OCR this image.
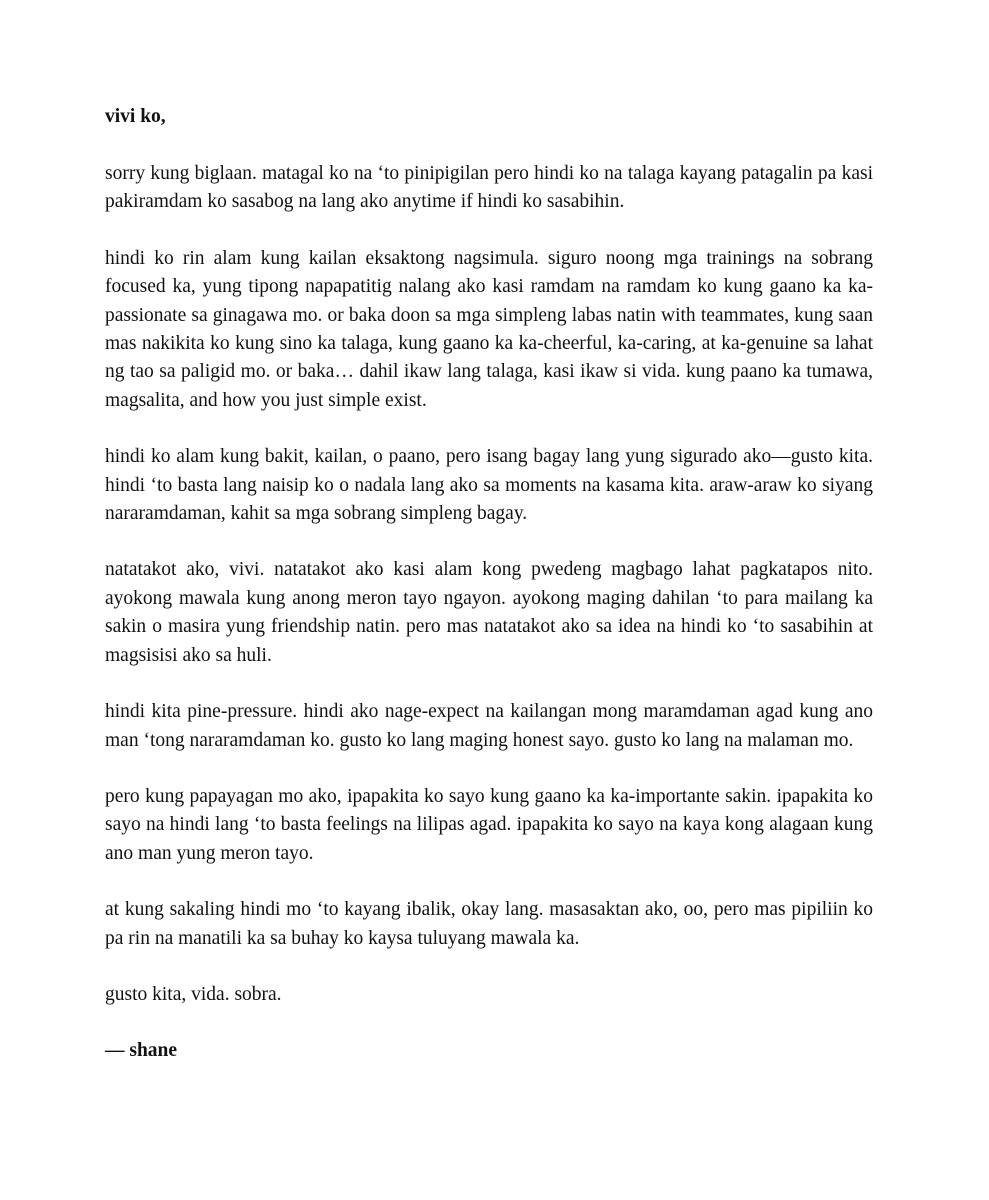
vivi ko,

sorry kung biglaan. matagal ko na ‘to pinipigilan pero hindi ko na talaga kayang patagalin pa kasi pakiramdam ko sasabog na lang ako anytime if hindi ko sasabihin.

hindi ko rin alam kung kailan eksaktong nagsimula. siguro noong mga trainings na sobrang focused ka, yung tipong napapatitig nalang ako kasi ramdam na ramdam ko kung gaano ka ka-passionate sa ginagawa mo. or baka doon sa mga simpleng labas natin with teammates, kung saan mas nakikita ko kung sino ka talaga, kung gaano ka ka-cheerful, ka-caring, at ka-genuine sa lahat ng tao sa paligid mo. or baka… dahil ikaw lang talaga, kasi ikaw si vida. kung paano ka tumawa, magsalita, and how you just simple exist.

hindi ko alam kung bakit, kailan, o paano, pero isang bagay lang yung sigurado ako—gusto kita. hindi ‘to basta lang naisip ko o nadala lang ako sa moments na kasama kita. araw-araw ko siyang nararamdaman, kahit sa mga sobrang simpleng bagay.

natatakot ako, vivi. natatakot ako kasi alam kong pwedeng magbago lahat pagkatapos nito. ayokong mawala kung anong meron tayo ngayon. ayokong maging dahilan ‘to para mailang ka sakin o masira yung friendship natin. pero mas natatakot ako sa idea na hindi ko ‘to sasabihin at magsisisi ako sa huli.

hindi kita pine-pressure. hindi ako nage-expect na kailangan mong maramdaman agad kung ano man ‘tong nararamdaman ko. gusto ko lang maging honest sayo. gusto ko lang na malaman mo.

pero kung papayagan mo ako, ipapakita ko sayo kung gaano ka ka-importante sakin. ipapakita ko sayo na hindi lang ‘to basta feelings na lilipas agad. ipapakita ko sayo na kaya kong alagaan kung ano man yung meron tayo.

at kung sakaling hindi mo ‘to kayang ibalik, okay lang. masasaktan ako, oo, pero mas pipiliin ko pa rin na manatili ka sa buhay ko kaysa tuluyang mawala ka.

gusto kita, vida. sobra.

— shane
